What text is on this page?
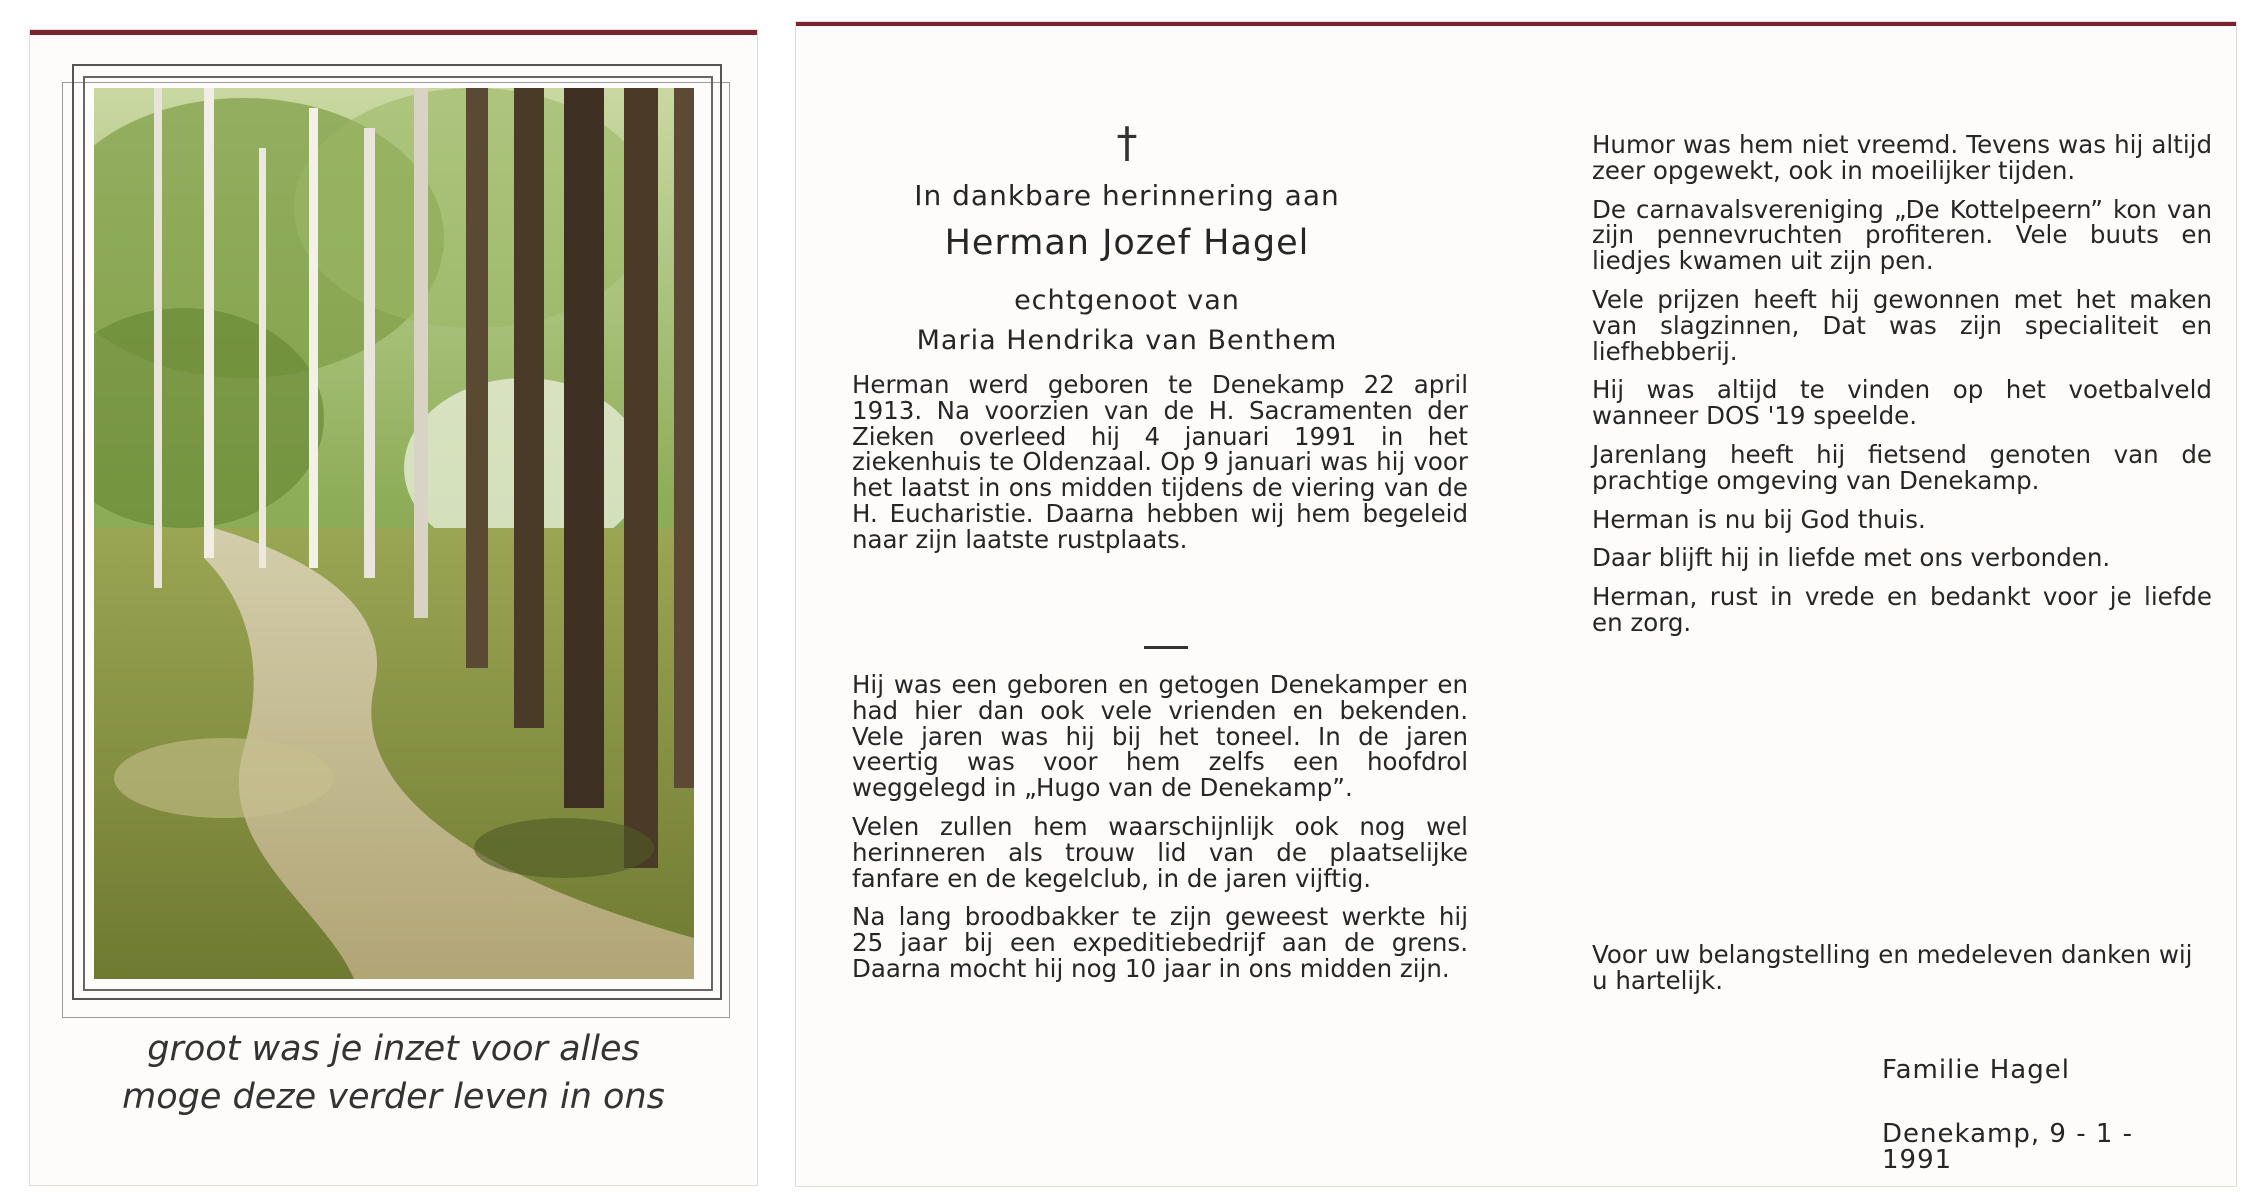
groot was je inzet voor alles
moge deze verder leven in ons
†
In dankbare herinnering aan
Herman Jozef Hagel
echtgenoot van
Maria Hendrika van Benthem
Herman werd geboren te Denekamp 22 april 1913. Na voorzien van de H. Sacramenten der Zieken overleed hij 4 januari 1991 in het ziekenhuis te Oldenzaal. Op 9 januari was hij voor het laatst in ons midden tijdens de viering van de H. Eucharistie. Daarna hebben wij hem begeleid naar zijn laatste rustplaats.

Hij was een geboren en getogen Denekamper en had hier dan ook vele vrienden en bekenden. Vele jaren was hij bij het toneel. In de jaren veertig was voor hem zelfs een hoofdrol weggelegd in „Hugo van de Denekamp”.

Velen zullen hem waarschijnlijk ook nog wel herinneren als trouw lid van de plaatselijke fanfare en de kegelclub, in de jaren vijftig.

Na lang broodbakker te zijn geweest werkte hij 25 jaar bij een expeditiebedrijf aan de grens. Daarna mocht hij nog 10 jaar in ons midden zijn.

Humor was hem niet vreemd. Tevens was hij altijd zeer opgewekt, ook in moeilijker tijden.

De carnavalsvereniging „De Kottelpeern” kon van zijn pennevruchten profiteren. Vele buuts en liedjes kwamen uit zijn pen.

Vele prijzen heeft hij gewonnen met het maken van slagzinnen, Dat was zijn specialiteit en liefhebberij.

Hij was altijd te vinden op het voetbalveld wanneer DOS '19 speelde.

Jarenlang heeft hij fietsend genoten van de prachtige omgeving van Denekamp.

Herman is nu bij God thuis.

Daar blijft hij in liefde met ons verbonden.

Herman, rust in vrede en bedankt voor je liefde en zorg.

Voor uw belangstelling en medeleven danken wij u hartelijk.
Familie Hagel
Denekamp, 9 - 1 - 1991
